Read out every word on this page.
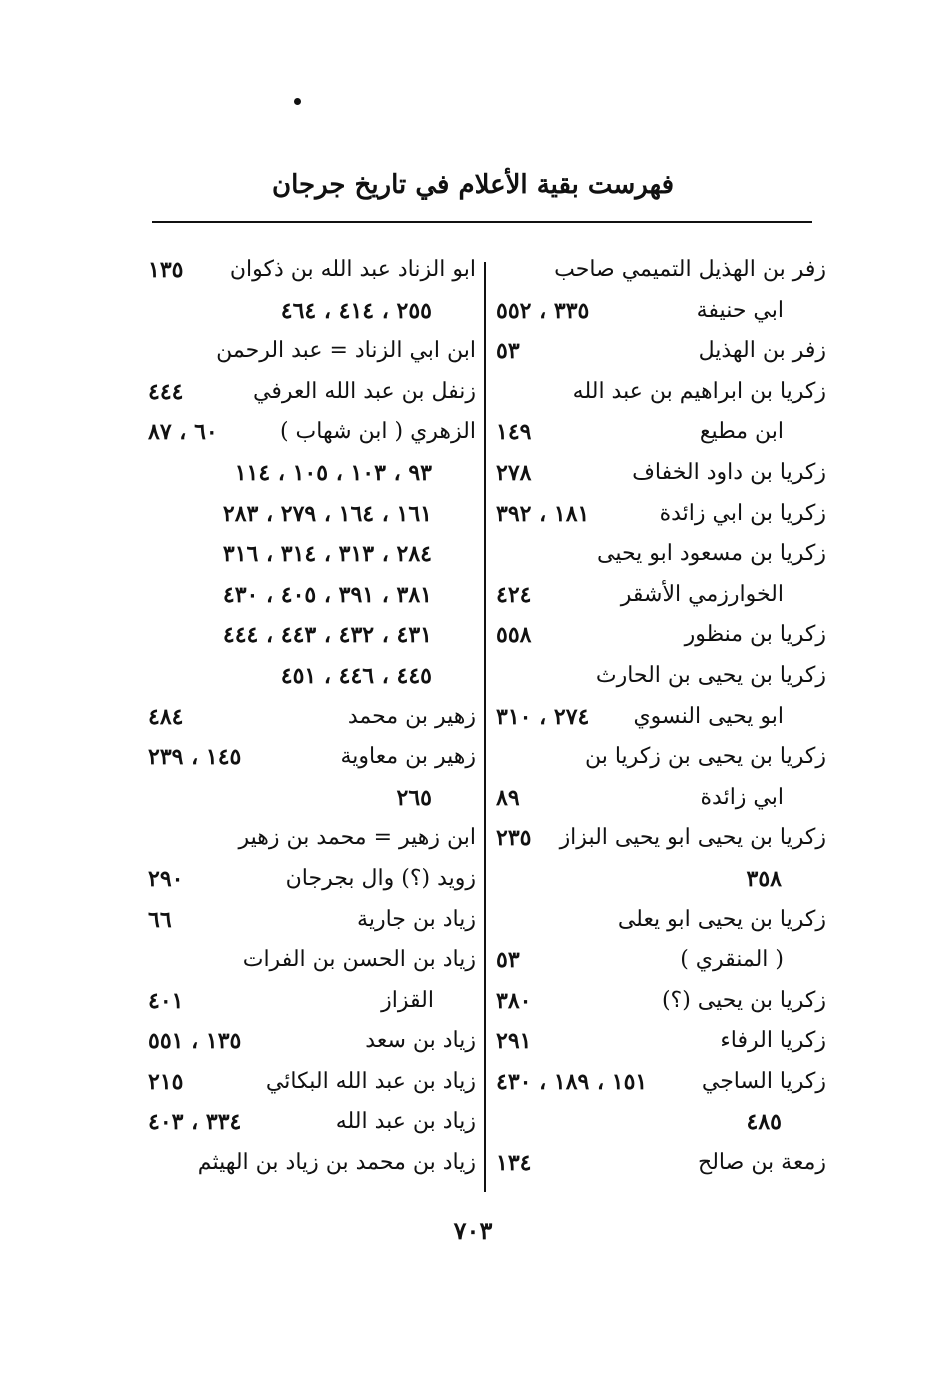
فهرست بقية الأعلام في تاريخ جرجان
زفر بن الهذيل التميمي صاحب
ابي حنيفة
٣٣٥ ، ٥٥٢
زفر بن الهذيل
٥٣
زكريا بن ابراهيم بن عبد الله
ابن مطيع
١٤٩
زكريا بن داود الخفاف
٢٧٨
زكريا بن ابي زائدة
١٨١ ، ٣٩٢
زكريا بن مسعود ابو يحيى
الخوارزمي الأشقر
٤٢٤
زكريا بن منظور
٥٥٨
زكريا بن يحيى بن الحارث
ابو يحيى النسوي
٢٧٤ ، ٣١٠
زكريا بن يحيى بن زكريا بن
ابي زائدة
٨٩
زكريا بن يحيى ابو يحيى البزاز
٢٣٥
٣٥٨
زكريا بن يحيى ابو يعلى
( المنقري )
٥٣
زكريا بن يحيى (؟)
٣٨٠
زكريا الرفاء
٢٩١
زكريا الساجي
١٥١ ، ١٨٩ ، ٤٣٠
٤٨٥
زمعة بن صالح
١٣٤
ابو الزناد عبد الله بن ذكوان
١٣٥
٢٥٥ ، ٤١٤ ، ٤٦٤
ابن ابي الزناد = عبد الرحمن
زنفل بن عبد الله العرفي
٤٤٤
الزهري ( ابن شهاب )
٦٠ ، ٨٧
٩٣ ، ١٠٣ ، ١٠٥ ، ١١٤
١٦١ ، ١٦٤ ، ٢٧٩ ، ٢٨٣
٢٨٤ ، ٣١٣ ، ٣١٤ ، ٣١٦
٣٨١ ، ٣٩١ ، ٤٠٥ ، ٤٣٠
٤٣١ ، ٤٣٢ ، ٤٤٣ ، ٤٤٤
٤٤٥ ، ٤٤٦ ، ٤٥١
زهير بن محمد
٤٨٤
زهير بن معاوية
١٤٥ ، ٢٣٩
٢٦٥
ابن زهير = محمد بن زهير
زويد (؟) وال بجرجان
٢٩٠
زياد بن جارية
٦٦
زياد بن الحسن بن الفرات
القزاز
٤٠١
زياد بن سعد
١٣٥ ، ٥٥١
زياد بن عبد الله البكائي
٢١٥
زياد بن عبد الله
٣٣٤ ، ٤٠٣
زياد بن محمد بن زياد بن الهيثم
٧٠٣
